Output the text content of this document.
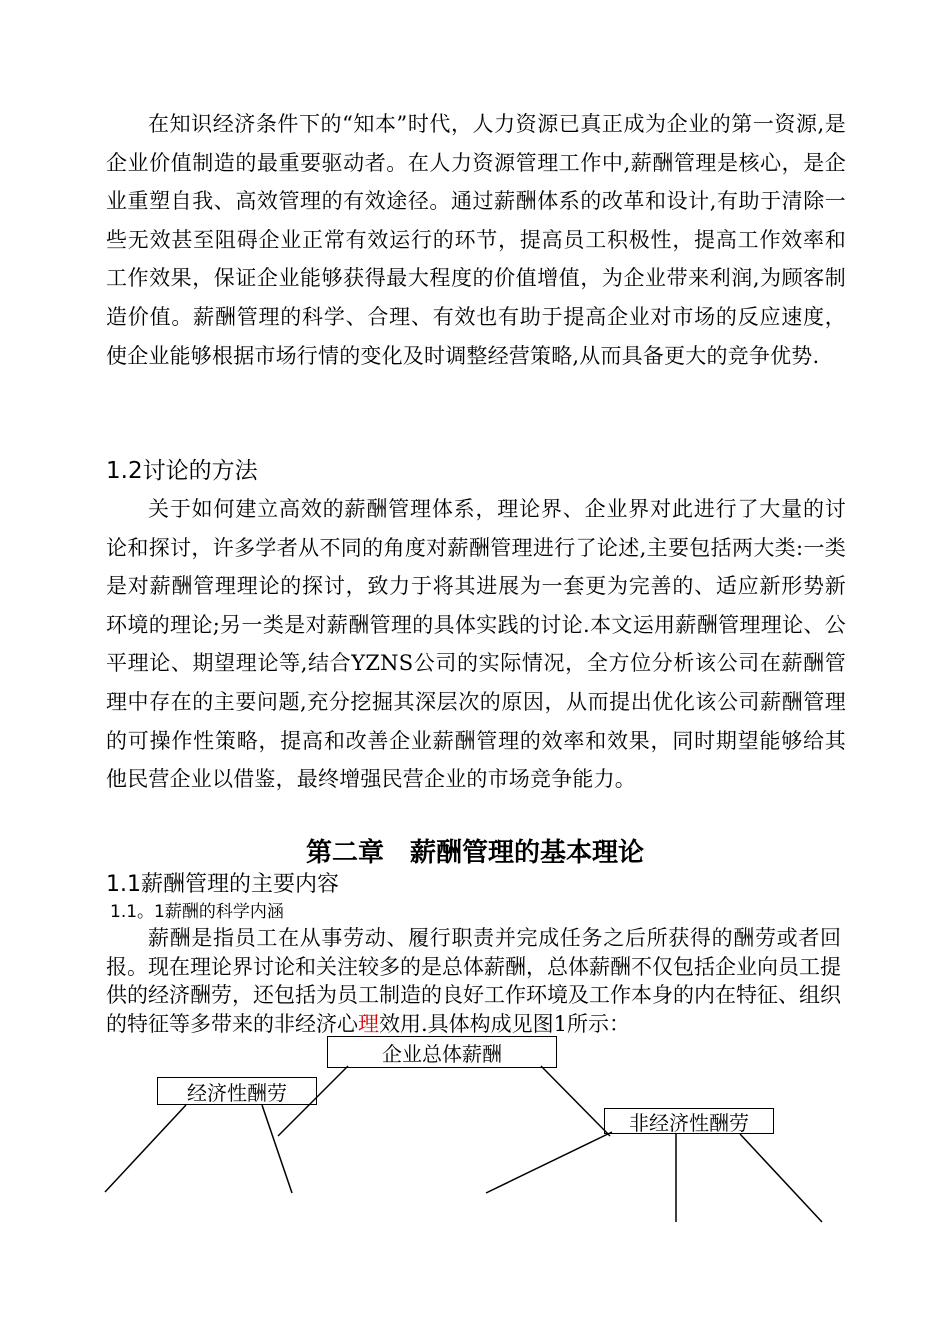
在知识经济条件下的“知本”时代，人力资源已真正成为企业的第一资源,是企业价值制造的最重要驱动者。在人力资源管理工作中,薪酬管理是核心，是企业重塑自我、高效管理的有效途径。通过薪酬体系的改革和设计,有助于清除一些无效甚至阻碍企业正常有效运行的环节，提高员工积极性，提高工作效率和工作效果，保证企业能够获得最大程度的价值增值，为企业带来利润,为顾客制造价值。薪酬管理的科学、合理、有效也有助于提高企业对市场的反应速度，使企业能够根据市场行情的变化及时调整经营策略,从而具备更大的竞争优势.

1.2讨论的方法

关于如何建立高效的薪酬管理体系，理论界、企业界对此进行了大量的讨论和探讨，许多学者从不同的角度对薪酬管理进行了论述,主要包括两大类:一类是对薪酬管理理论的探讨，致力于将其进展为一套更为完善的、适应新形势新环境的理论;另一类是对薪酬管理的具体实践的讨论.本文运用薪酬管理理论、公平理论、期望理论等,结合YZNS公司的实际情况，全方位分析该公司在薪酬管理中存在的主要问题,充分挖掘其深层次的原因，从而提出优化该公司薪酬管理的可操作性策略，提高和改善企业薪酬管理的效率和效果，同时期望能够给其他民营企业以借鉴，最终增强民营企业的市场竞争能力。

第二章　薪酬管理的基本理论
1.1薪酬管理的主要内容
1.1。1薪酬的科学内涵

薪酬是指员工在从事劳动、履行职责并完成任务之后所获得的酬劳或者回报。现在理论界讨论和关注较多的是总体薪酬，总体薪酬不仅包括企业向员工提供的经济酬劳，还包括为员工制造的良好工作环境及工作本身的内在特征、组织的特征等多带来的非经济心理效用.具体构成见图1所示：

企业总体薪酬
经济性酬劳
非经济性酬劳
